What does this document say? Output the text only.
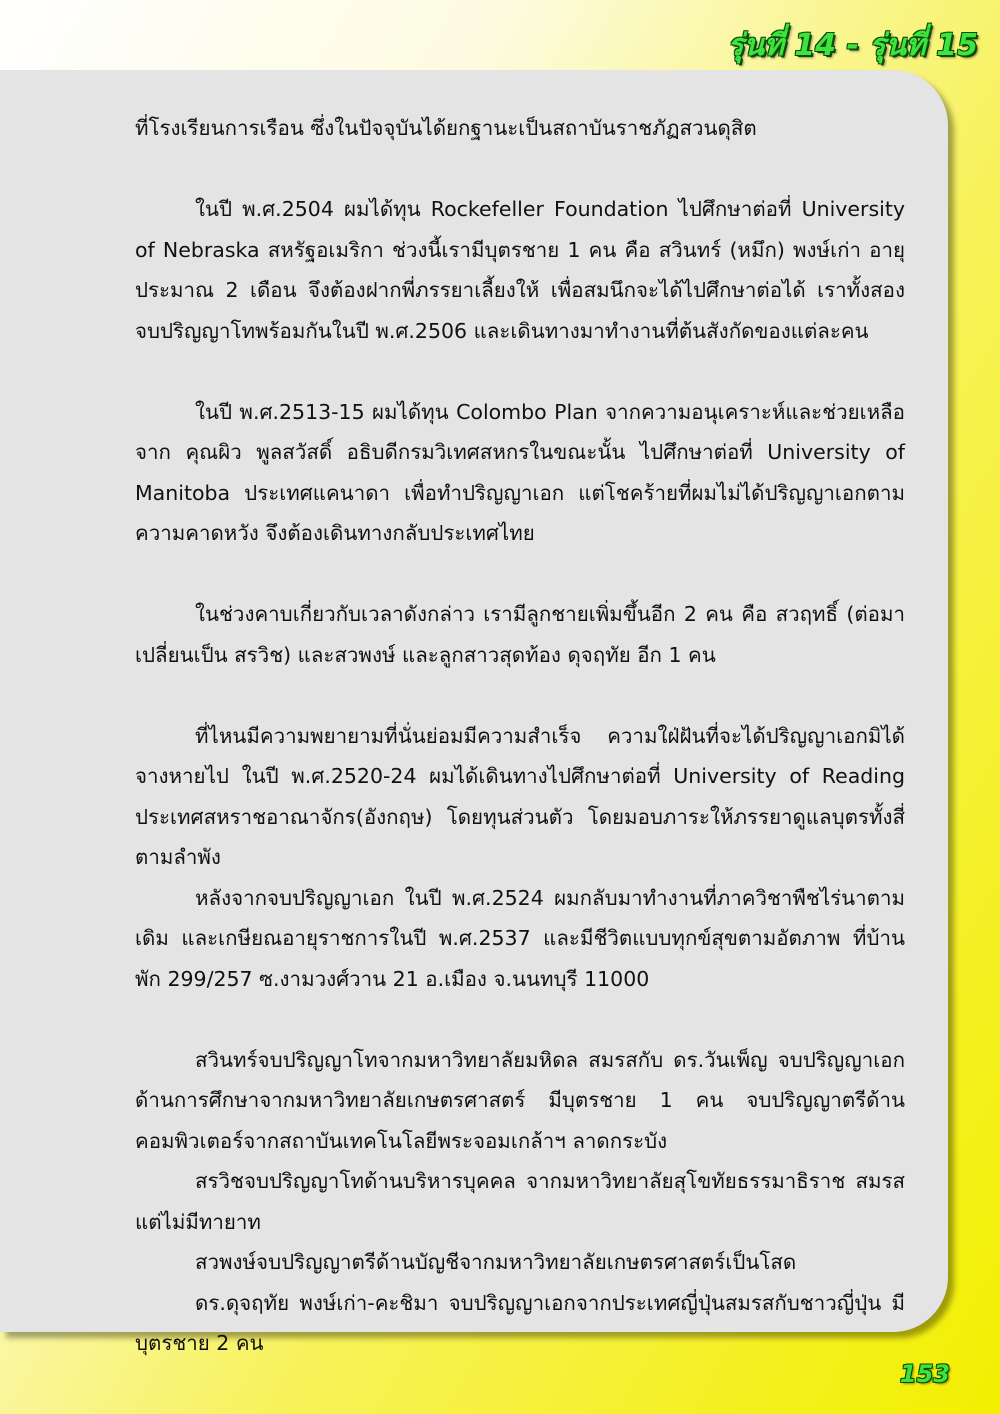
รุ่นที่ 14 - รุ่นที่ 15

ที่โรงเรียนการเรือน ซึ่งในปัจจุบันได้ยกฐานะเป็นสถาบันราชภัฏสวนดุสิต

ในปี พ.ศ.2504 ผมได้ทุน Rockefeller Foundation ไปศึกษาต่อที่ University of Nebraska สหรัฐอเมริกา ช่วงนี้เรามีบุตรชาย 1 คน คือ สวินทร์ (หมึก) พงษ์เก่า อายุประมาณ 2 เดือน จึงต้องฝากพี่ภรรยาเลี้ยงให้ เพื่อสมนึกจะได้ไปศึกษาต่อได้ เราทั้งสองจบปริญญาโทพร้อมกันในปี พ.ศ.2506 และเดินทางมาทำงานที่ต้นสังกัดของแต่ละคน

ในปี พ.ศ.2513-15 ผมได้ทุน Colombo Plan จากความอนุเคราะห์และช่วยเหลือ จาก คุณผิว พูลสวัสดิ์ อธิบดีกรมวิเทศสหกรในขณะนั้น ไปศึกษาต่อที่ University of Manitoba ประเทศแคนาดา เพื่อทำปริญญาเอก แต่โชคร้ายที่ผมไม่ได้ปริญญาเอกตามความคาดหวัง จึงต้องเดินทางกลับประเทศไทย

ในช่วงคาบเกี่ยวกับเวลาดังกล่าว เรามีลูกชายเพิ่มขึ้นอีก 2 คน คือ สวฤทธิ์ (ต่อมาเปลี่ยนเป็น สรวิช) และสวพงษ์ และลูกสาวสุดท้อง ดุจฤทัย อีก 1 คน

ที่ไหนมีความพยายามที่นั่นย่อมมีความสำเร็จ ความใฝ่ฝันที่จะได้ปริญญาเอกมิได้จางหายไป ในปี พ.ศ.2520-24 ผมได้เดินทางไปศึกษาต่อที่ University of Reading ประเทศสหราชอาณาจักร(อังกฤษ) โดยทุนส่วนตัว โดยมอบภาระให้ภรรยาดูแลบุตรทั้งสี่ตามลำพัง

หลังจากจบปริญญาเอก ในปี พ.ศ.2524 ผมกลับมาทำงานที่ภาควิชาพืชไร่นาตามเดิม และเกษียณอายุราชการในปี พ.ศ.2537 และมีชีวิตแบบทุกข์สุขตามอัตภาพ ที่บ้านพัก 299/257 ซ.งามวงศ์วาน 21 อ.เมือง จ.นนทบุรี 11000

สวินทร์จบปริญญาโทจากมหาวิทยาลัยมหิดล สมรสกับ ดร.วันเพ็ญ จบปริญญาเอกด้านการศึกษาจากมหาวิทยาลัยเกษตรศาสตร์ มีบุตรชาย 1 คน จบปริญญาตรีด้านคอมพิวเตอร์จากสถาบันเทคโนโลยีพระจอมเกล้าฯ ลาดกระบัง

สรวิชจบปริญญาโทด้านบริหารบุคคล จากมหาวิทยาลัยสุโขทัยธรรมาธิราช สมรสแต่ไม่มีทายาท

สวพงษ์จบปริญญาตรีด้านบัญชีจากมหาวิทยาลัยเกษตรศาสตร์เป็นโสด

ดร.ดุจฤทัย พงษ์เก่า-คะชิมา จบปริญญาเอกจากประเทศญี่ปุ่นสมรสกับชาวญี่ปุ่น มีบุตรชาย 2 คน

153
